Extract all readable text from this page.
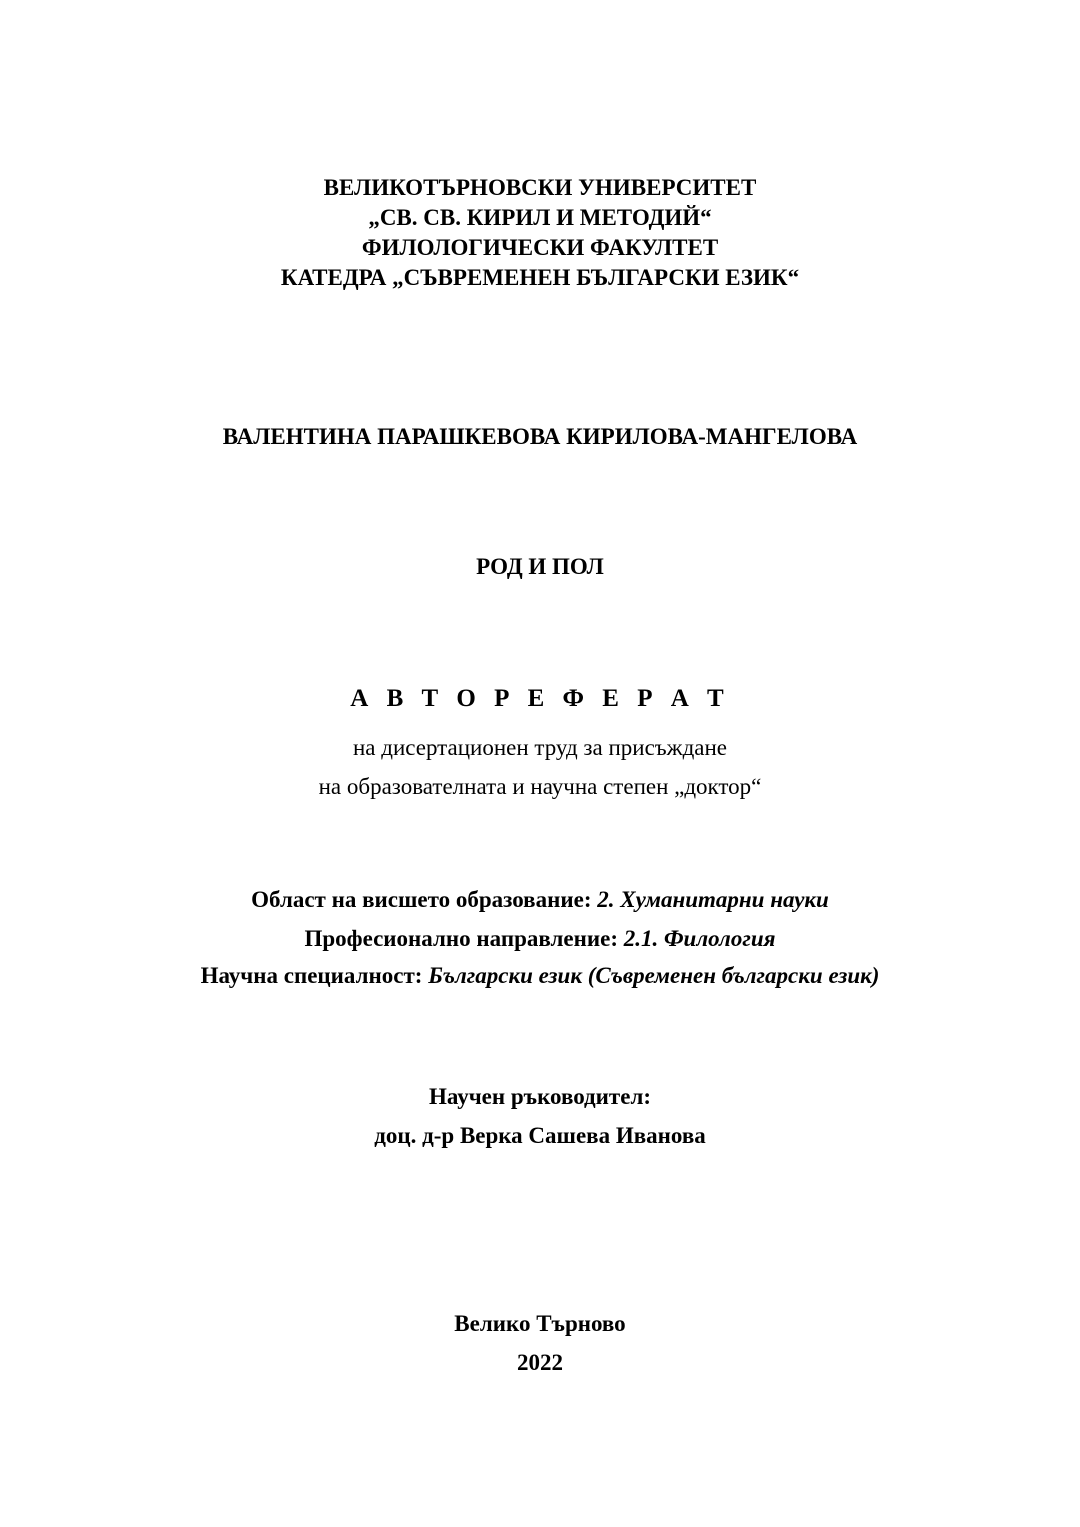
ВЕЛИКОТЪРНОВСКИ УНИВЕРСИТЕТ
„СВ. СВ. КИРИЛ И МЕТОДИЙ“
ФИЛОЛОГИЧЕСКИ ФАКУЛТЕТ
КАТЕДРА „СЪВРЕМЕНЕН БЪЛГАРСКИ ЕЗИК“
ВАЛЕНТИНА ПАРАШКЕВОВА КИРИЛОВА-МАНГЕЛОВА
РОД И ПОЛ
А В Т О Р Е Ф Е Р А Т
на дисертационен труд за присъждане
на образователната и научна степен „доктор“
Област на висшето образование: 2. Хуманитарни науки
Професионално направление: 2.1. Филология
Научна специалност: Български език (Съвременен български език)
Научен ръководител:
доц. д-р Верка Сашева Иванова
Велико Търново
2022
